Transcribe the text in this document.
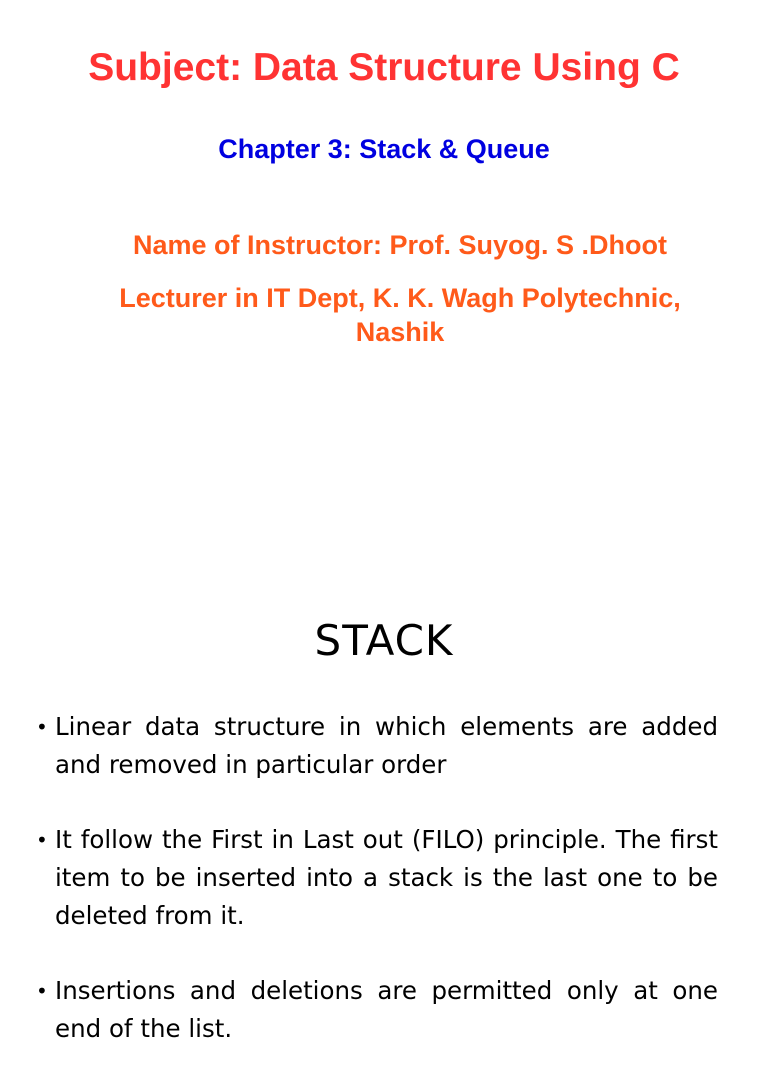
Subject: Data Structure Using C
Chapter 3: Stack & Queue
Name of Instructor: Prof. Suyog. S .Dhoot
Lecturer in IT Dept, K. K. Wagh Polytechnic,
Nashik
STACK
• Linear data structure in which elements are added and removed in particular order
• It follow the First in Last out (FILO) principle. The first item to be inserted into a stack is the last one to be deleted from it.
• Insertions and deletions are permitted only at one end of the list.
